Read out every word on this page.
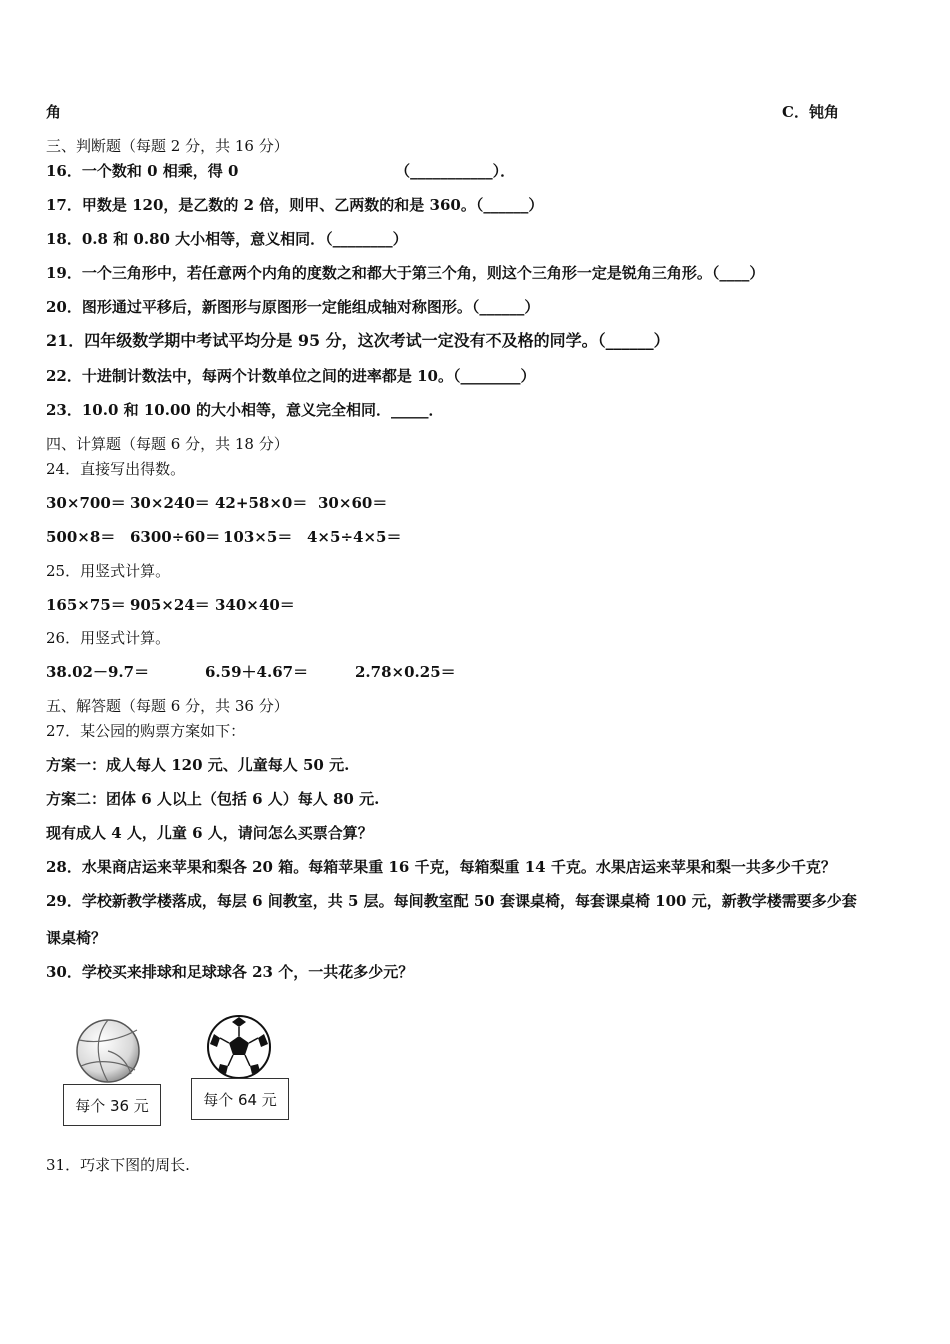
角	C．钝角
三、判断题（每题 2 分，共 16 分）
16．一个数和 0 相乘，得 0                              （___________）．
17．甲数是 120，是乙数的 2 倍，则甲、乙两数的和是 360。（______）
18．0.8 和 0.80 大小相等，意义相同．（________）
19．一个三角形中，若任意两个内角的度数之和都大于第三个角，则这个三角形一定是锐角三角形。（____）
20．图形通过平移后，新图形与原图形一定能组成轴对称图形。（______）
21．四年级数学期中考试平均分是 95 分，这次考试一定没有不及格的同学。（______）
22．十进制计数法中，每两个计数单位之间的进率都是 10。（________）
23．10.0 和 10.00 的大小相等，意义完全相同．_____．
四、计算题（每题 6 分，共 18 分）
24．直接写出得数。
30×700＝ 30×240＝ 42+58×0＝ 30×60＝
500×8＝ 6300÷60＝ 103×5＝ 4×5÷4×5＝
25．用竖式计算。
165×75＝ 905×24＝ 340×40＝
26．用竖式计算。
38.02－9.7＝	6.59＋4.67＝	2.78×0.25＝
五、解答题（每题 6 分，共 36 分）
27．某公园的购票方案如下：
方案一：成人每人 120 元、儿童每人 50 元.
方案二：团体 6 人以上（包括 6 人）每人 80 元.
现有成人 4 人，儿童 6 人，请问怎么买票合算？
28．水果商店运来苹果和梨各 20 箱。每箱苹果重 16 千克，每箱梨重 14 千克。水果店运来苹果和梨一共多少千克？
29．学校新教学楼落成，每层 6 间教室，共 5 层。每间教室配 50 套课桌椅，每套课桌椅 100 元，新教学楼需要多少套
课桌椅？
30．学校买来排球和足球球各 23 个，一共花多少元？
每个 36 元	每个 64 元
31．巧求下图的周长.
